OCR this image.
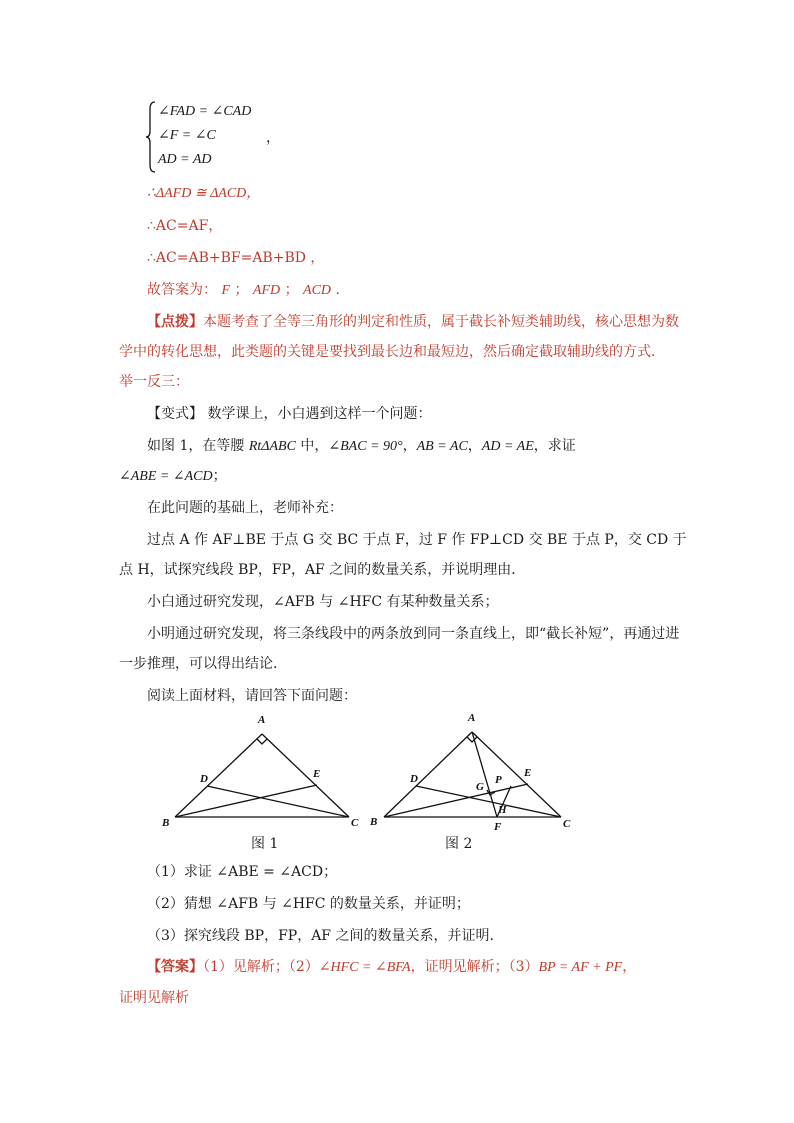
∠FAD = ∠CAD
∠F = ∠C	，
AD = AD
∴ΔAFD ≅ ΔACD，
∴AC=AF，
∴AC=AB+BF=AB+BD ，
故答案为： F ； AFD ； ACD ．
【点拨】本题考查了全等三角形的判定和性质，属于截长补短类辅助线，核心思想为数
学中的转化思想，此类题的关键是要找到最长边和最短边，然后确定截取辅助线的方式．
举一反三：
【变式】 数学课上，小白遇到这样一个问题：
如图 1，在等腰 RtΔABC 中，∠BAC = 90°，AB = AC，AD = AE，求证
∠ABE = ∠ACD；
在此问题的基础上，老师补充：
过点 A 作 AF⊥BE 于点 G 交 BC 于点 F，过 F 作 FP⊥CD 交 BE 于点 P，交 CD 于
点 H，试探究线段 BP，FP，AF 之间的数量关系，并说明理由．
小白通过研究发现，∠AFB 与 ∠HFC 有某种数量关系；
小明通过研究发现，将三条线段中的两条放到同一条直线上，即“截长补短”，再通过进
一步推理，可以得出结论．
阅读上面材料，请回答下面问题：
A
B	C
D	E
图 1
A
B	C
D	E
G
P
H
F
图 2
（1）求证 ∠ABE = ∠ACD；
（2）猜想 ∠AFB 与 ∠HFC 的数量关系，并证明；
（3）探究线段 BP，FP，AF 之间的数量关系，并证明.
【答案】（1）见解析；（2）∠HFC = ∠BFA，证明见解析；（3）BP = AF + PF，
证明见解析
